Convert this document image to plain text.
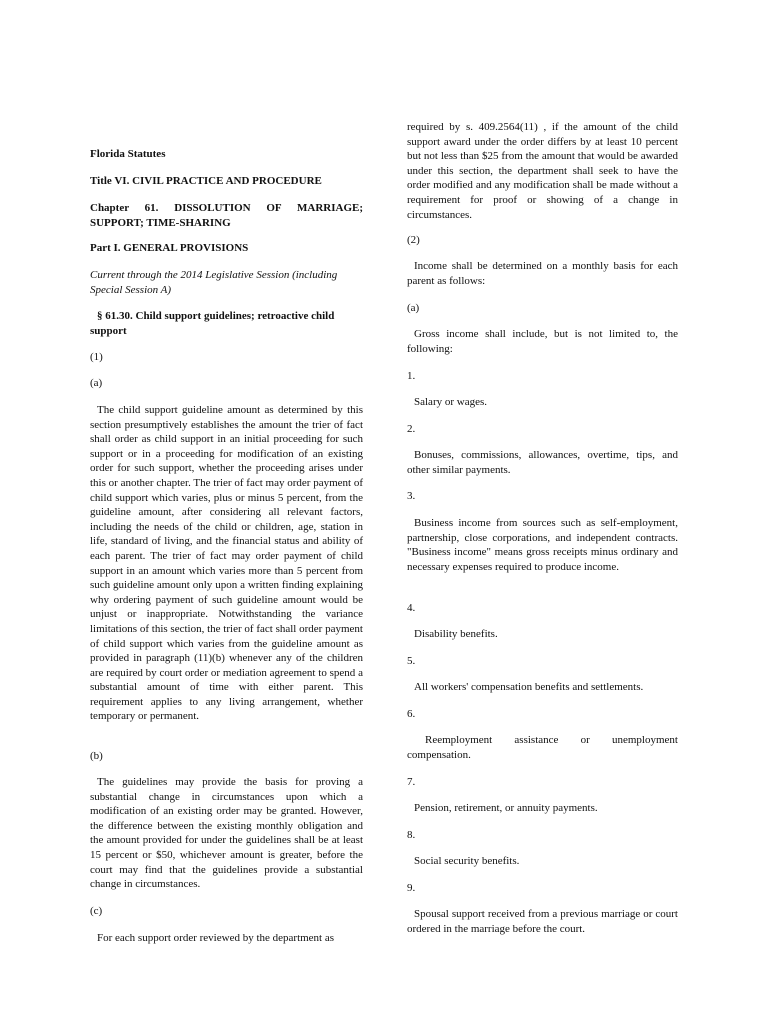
Florida Statutes

Title VI. CIVIL PRACTICE AND PROCEDURE

Chapter 61. DISSOLUTION OF MARRIAGE; SUPPORT; TIME-SHARING

Part I. GENERAL PROVISIONS

Current through the 2014 Legislative Session (including Special Session A)

§ 61.30. Child support guidelines; retroactive child support

(1)

(a)

The child support guideline amount as determined by this section presumptively establishes the amount the trier of fact shall order as child support in an initial proceeding for such support or in a proceeding for modification of an existing order for such support, whether the proceeding arises under this or another chapter. The trier of fact may order payment of child support which varies, plus or minus 5 percent, from the guideline amount, after considering all relevant factors, including the needs of the child or children, age, station in life, standard of living, and the financial status and ability of each parent. The trier of fact may order payment of child support in an amount which varies more than 5 percent from such guideline amount only upon a written finding explaining why ordering payment of such guideline amount would be unjust or inappropriate. Notwithstanding the variance limitations of this section, the trier of fact shall order payment of child support which varies from the guideline amount as provided in paragraph (11)(b) whenever any of the children are required by court order or mediation agreement to spend a substantial amount of time with either parent. This requirement applies to any living arrangement, whether temporary or permanent.

(b)

The guidelines may provide the basis for proving a substantial change in circumstances upon which a modification of an existing order may be granted. However, the difference between the existing monthly obligation and the amount provided for under the guidelines shall be at least 15 percent or $50, whichever amount is greater, before the court may find that the guidelines provide a substantial change in circumstances.

(c)

For each support order reviewed by the department as

required by s. 409.2564(11) , if the amount of the child support award under the order differs by at least 10 percent but not less than $25 from the amount that would be awarded under this section, the department shall seek to have the order modified and any modification shall be made without a requirement for proof or showing of a change in circumstances.

(2)

Income shall be determined on a monthly basis for each parent as follows:

(a)

Gross income shall include, but is not limited to, the following:

1.

Salary or wages.

2.

Bonuses, commissions, allowances, overtime, tips, and other similar payments.

3.

Business income from sources such as self-employment, partnership, close corporations, and independent contracts. "Business income" means gross receipts minus ordinary and necessary expenses required to produce income.

4.

Disability benefits.

5.

All workers' compensation benefits and settlements.

6.

Reemployment assistance or unemployment compensation.

7.

Pension, retirement, or annuity payments.

8.

Social security benefits.

9.

Spousal support received from a previous marriage or court ordered in the marriage before the court.
